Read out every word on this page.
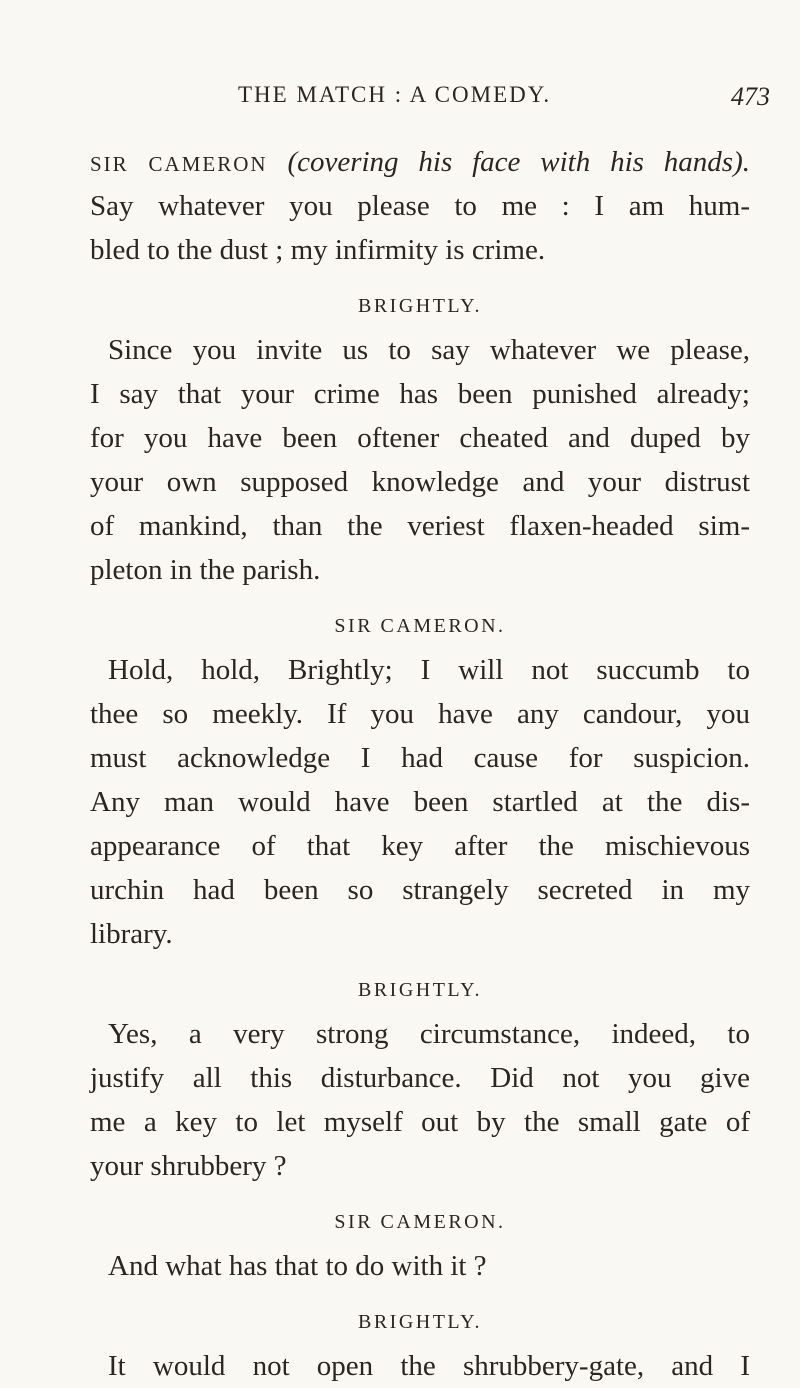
THE MATCH : A COMEDY.	473
SIR CAMERON (covering his face with his hands).
Say whatever you please to me : I am hum-
bled to the dust ; my infirmity is crime.
BRIGHTLY.
Since you invite us to say whatever we please,
I say that your crime has been punished already;
for you have been oftener cheated and duped by
your own supposed knowledge and your distrust
of mankind, than the veriest flaxen-headed sim-
pleton in the parish.
SIR CAMERON.
Hold, hold, Brightly; I will not succumb to
thee so meekly. If you have any candour, you
must acknowledge I had cause for suspicion.
Any man would have been startled at the dis-
appearance of that key after the mischievous
urchin had been so strangely secreted in my
library.
BRIGHTLY.
Yes, a very strong circumstance, indeed, to
justify all this disturbance. Did not you give
me a key to let myself out by the small gate of
your shrubbery ?
SIR CAMERON.
And what has that to do with it ?
BRIGHTLY.
It would not open the shrubbery-gate, and I
